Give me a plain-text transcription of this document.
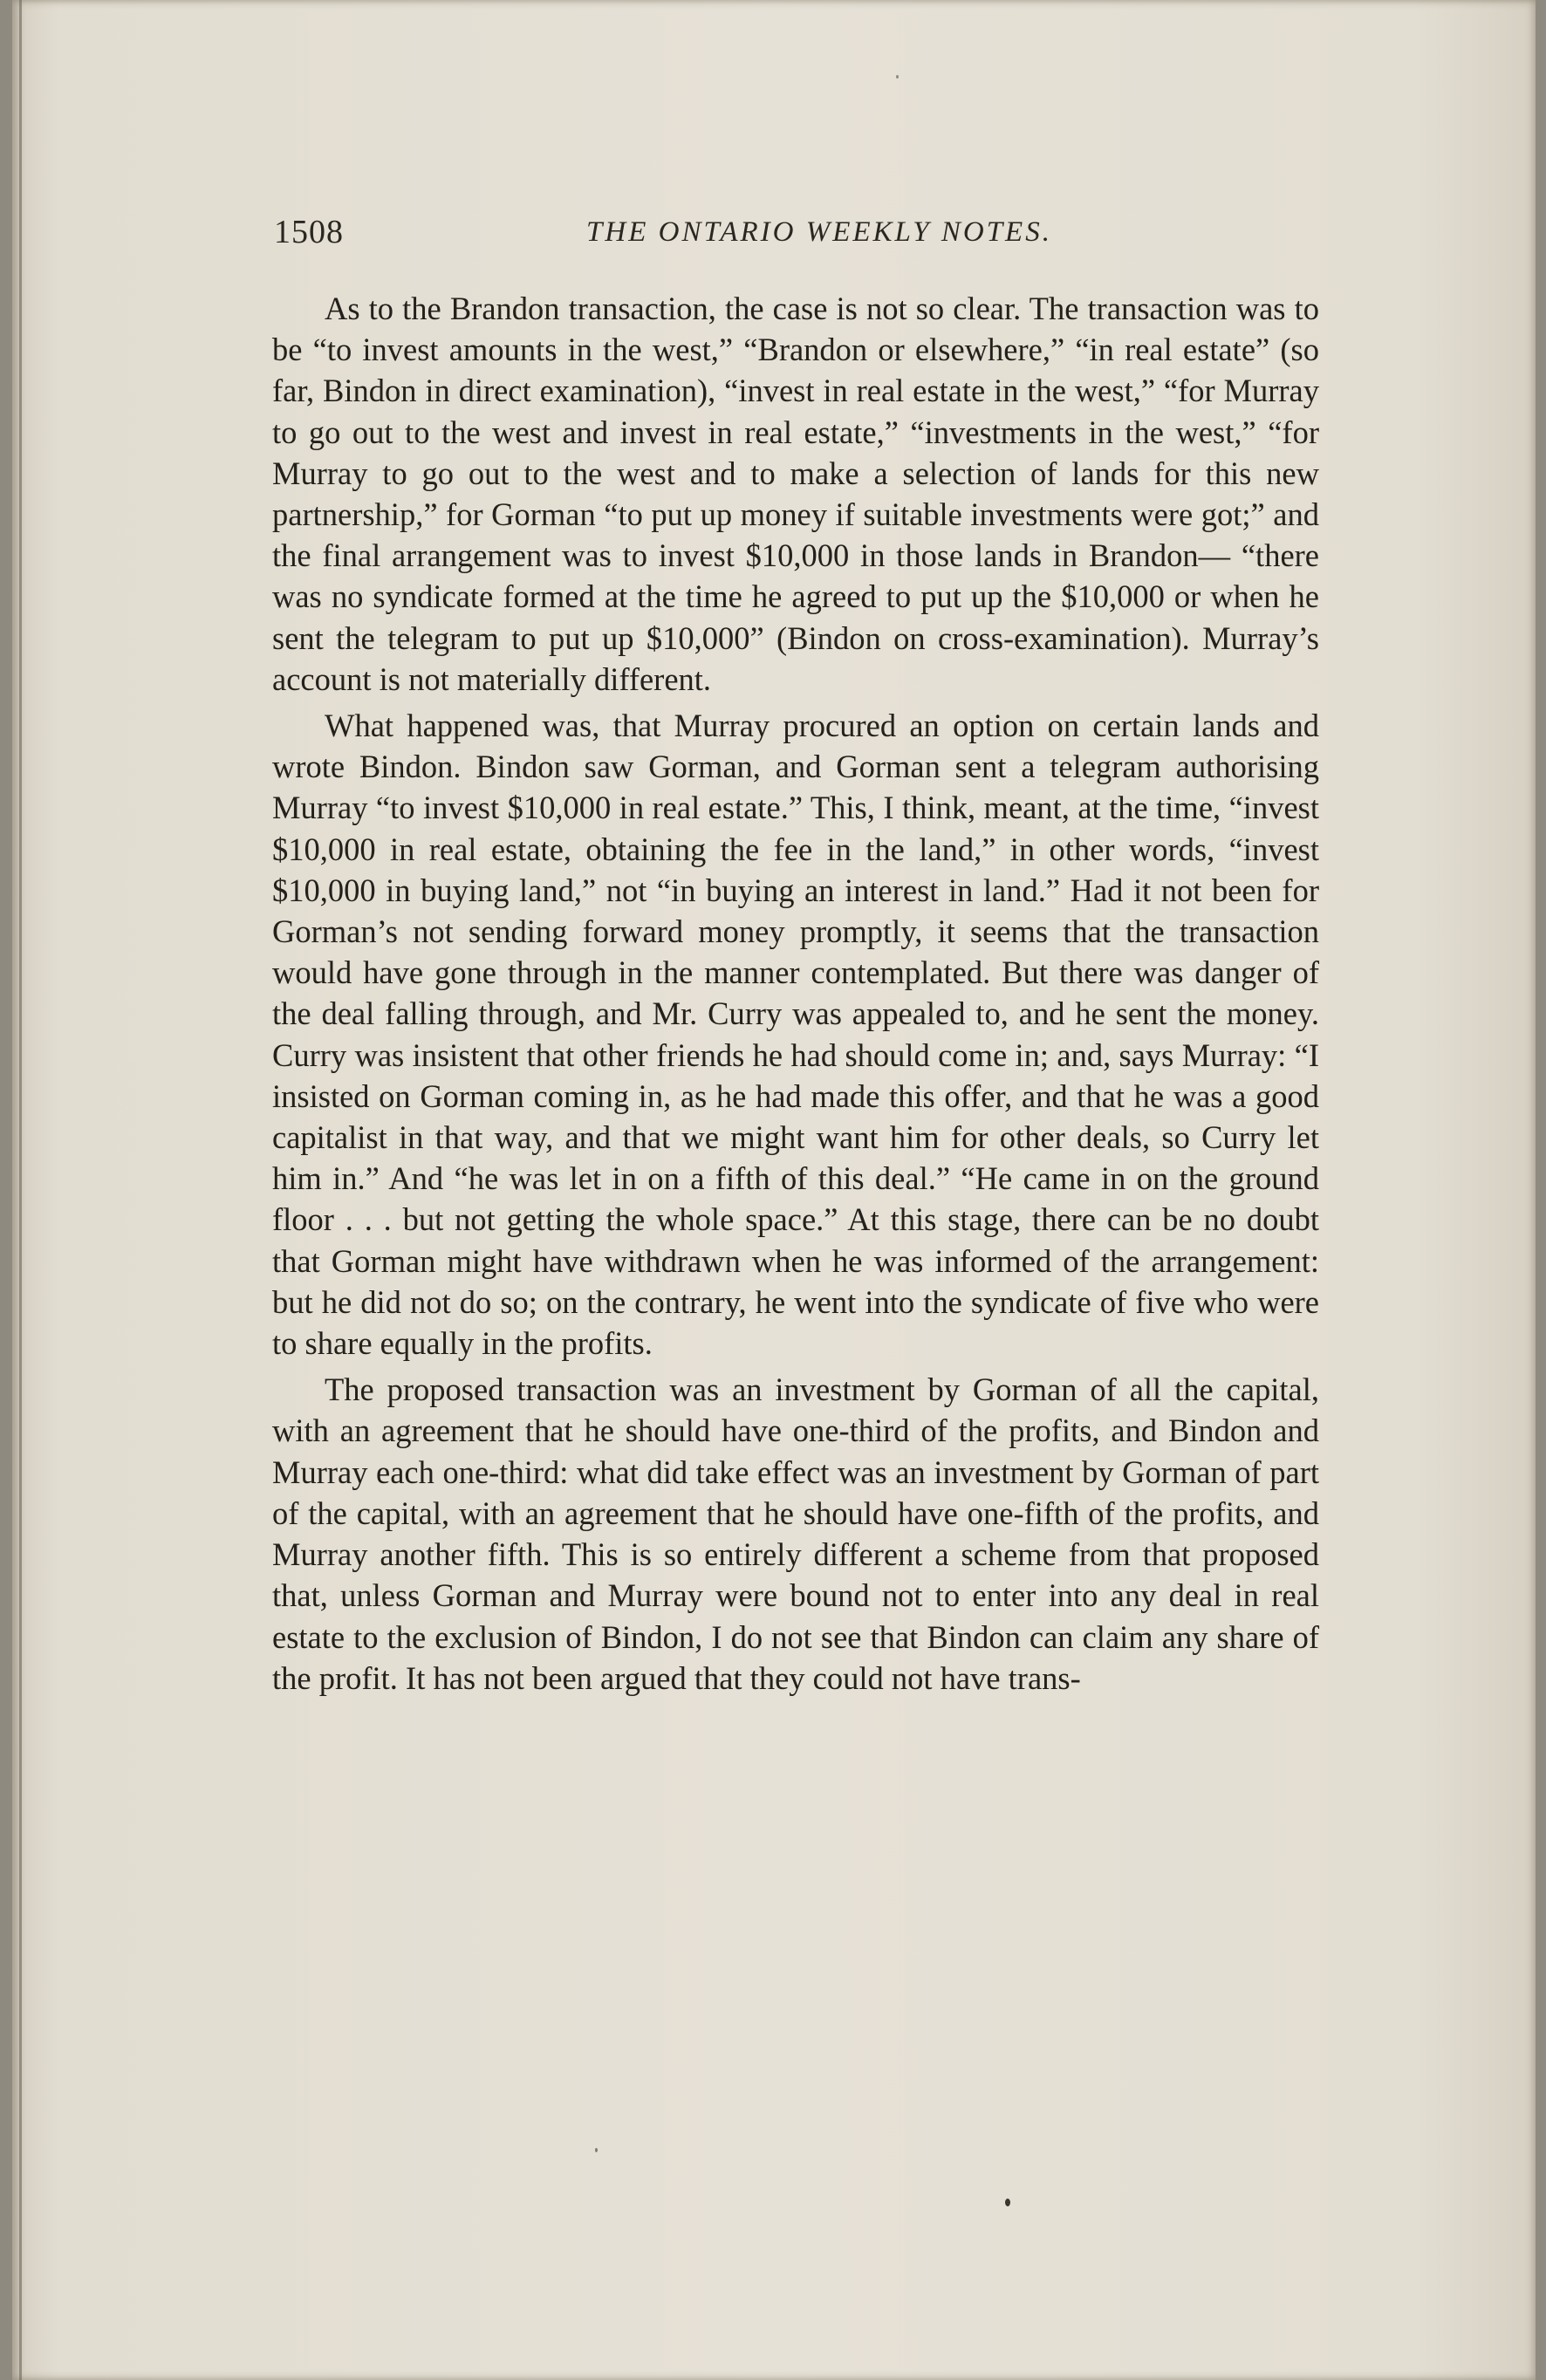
1508	THE ONTARIO WEEKLY NOTES.

As to the Brandon transaction, the case is not so clear. The transaction was to be “to invest amounts in the west,” “Brandon or elsewhere,” “in real estate” (so far, Bindon in direct examination), “invest in real estate in the west,” “for Murray to go out to the west and invest in real estate,” “investments in the west,” “for Murray to go out to the west and to make a selection of lands for this new partnership,” for Gorman “to put up money if suitable investments were got;” and the final arrangement was to invest $10,000 in those lands in Brandon— “there was no syndicate formed at the time he agreed to put up the $10,000 or when he sent the telegram to put up $10,000” (Bindon on cross-examination). Murray’s account is not materially different.

What happened was, that Murray procured an option on certain lands and wrote Bindon. Bindon saw Gorman, and Gorman sent a telegram authorising Murray “to invest $10,000 in real estate.” This, I think, meant, at the time, “invest $10,000 in real estate, obtaining the fee in the land,” in other words, “invest $10,000 in buying land,” not “in buying an interest in land.” Had it not been for Gorman’s not sending forward money promptly, it seems that the transaction would have gone through in the manner contemplated. But there was danger of the deal falling through, and Mr. Curry was appealed to, and he sent the money. Curry was insistent that other friends he had should come in; and, says Murray: “I insisted on Gorman coming in, as he had made this offer, and that he was a good capitalist in that way, and that we might want him for other deals, so Curry let him in.” And “he was let in on a fifth of this deal.” “He came in on the ground floor . . . but not getting the whole space.” At this stage, there can be no doubt that Gorman might have withdrawn when he was informed of the arrangement: but he did not do so; on the contrary, he went into the syndicate of five who were to share equally in the profits.

The proposed transaction was an investment by Gorman of all the capital, with an agreement that he should have one-third of the profits, and Bindon and Murray each one-third: what did take effect was an investment by Gorman of part of the capital, with an agreement that he should have one-fifth of the profits, and Murray another fifth. This is so entirely different a scheme from that proposed that, unless Gorman and Murray were bound not to enter into any deal in real estate to the exclusion of Bindon, I do not see that Bindon can claim any share of the profit. It has not been argued that they could not have trans-
